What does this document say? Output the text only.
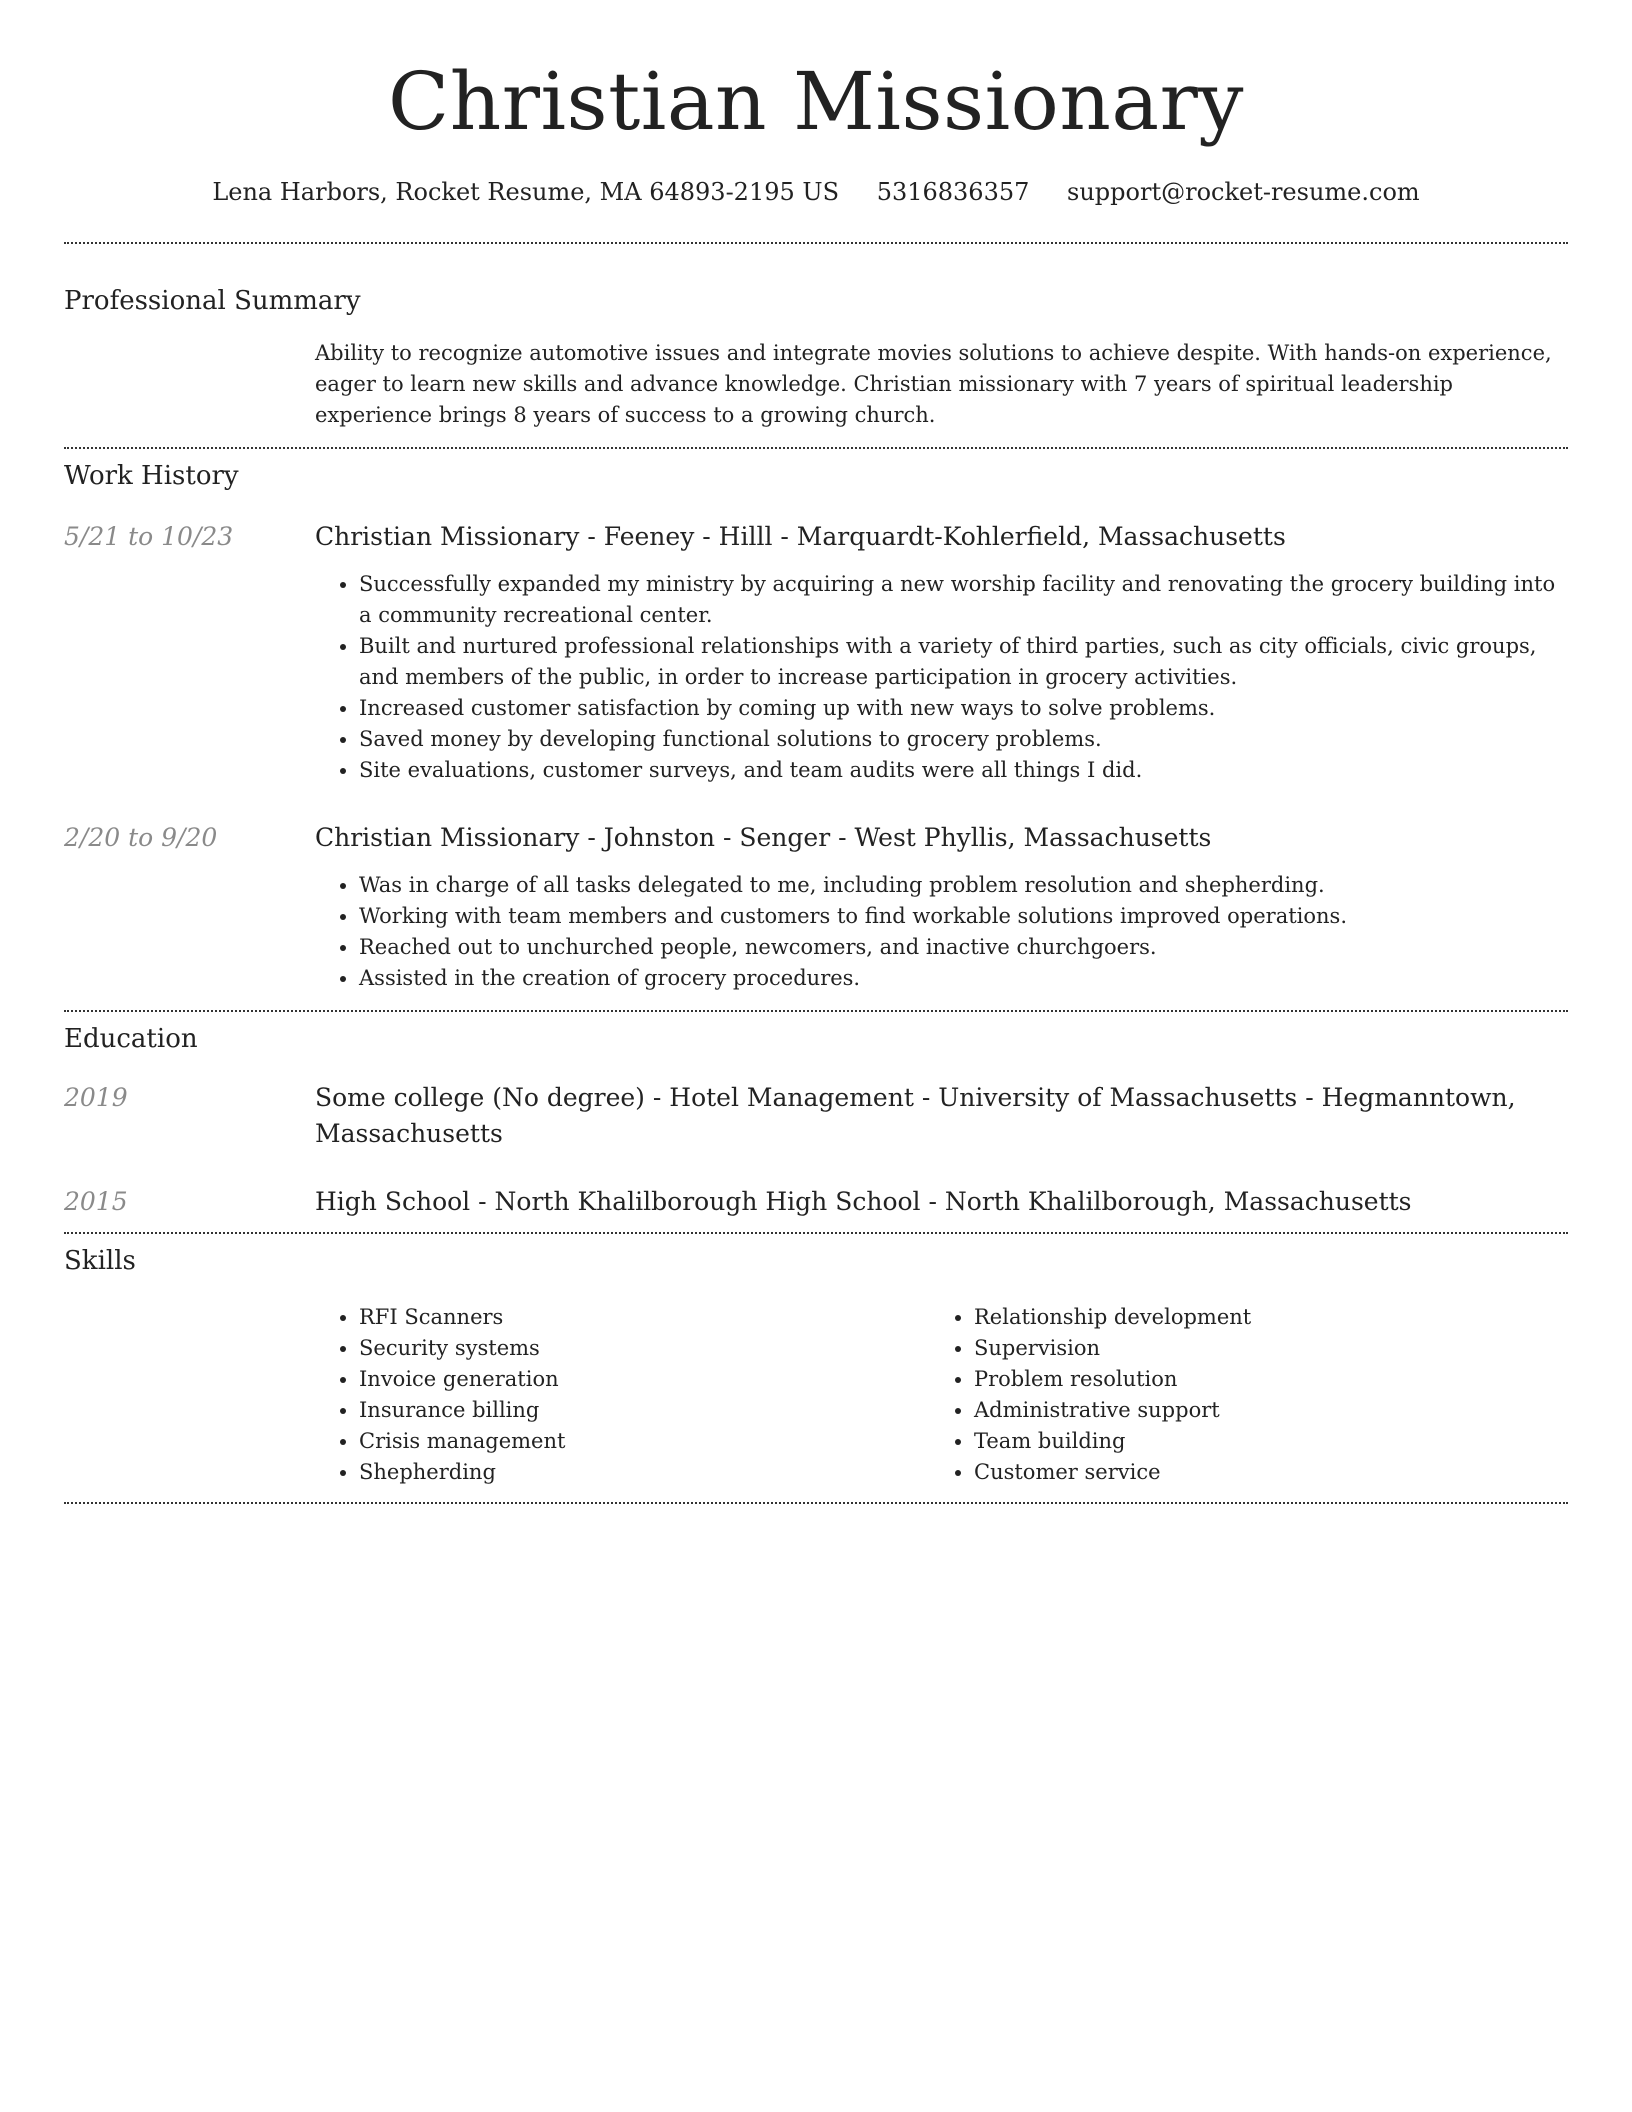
Christian Missionary
Lena Harbors, Rocket Resume, MA 64893-2195 US 5316836357 support@rocket-resume.com
Professional Summary
Ability to recognize automotive issues and integrate movies solutions to achieve despite. With hands-on experience, eager to learn new skills and advance knowledge. Christian missionary with 7 years of spiritual leadership experience brings 8 years of success to a growing church.
Work History
5/21 to 10/23	Christian Missionary - Feeney - Hilll - Marquardt-Kohlerfield, Massachusetts
• Successfully expanded my ministry by acquiring a new worship facility and renovating the grocery building into a community recreational center.
• Built and nurtured professional relationships with a variety of third parties, such as city officials, civic groups, and members of the public, in order to increase participation in grocery activities.
• Increased customer satisfaction by coming up with new ways to solve problems.
• Saved money by developing functional solutions to grocery problems.
• Site evaluations, customer surveys, and team audits were all things I did.
2/20 to 9/20	Christian Missionary - Johnston - Senger - West Phyllis, Massachusetts
• Was in charge of all tasks delegated to me, including problem resolution and shepherding.
• Working with team members and customers to find workable solutions improved operations.
• Reached out to unchurched people, newcomers, and inactive churchgoers.
• Assisted in the creation of grocery procedures.
Education
2019	Some college (No degree) - Hotel Management - University of Massachusetts - Hegmanntown, Massachusetts
2015	High School - North Khalilborough High School - North Khalilborough, Massachusetts
Skills
• RFI Scanners
• Security systems
• Invoice generation
• Insurance billing
• Crisis management
• Shepherding
• Relationship development
• Supervision
• Problem resolution
• Administrative support
• Team building
• Customer service
